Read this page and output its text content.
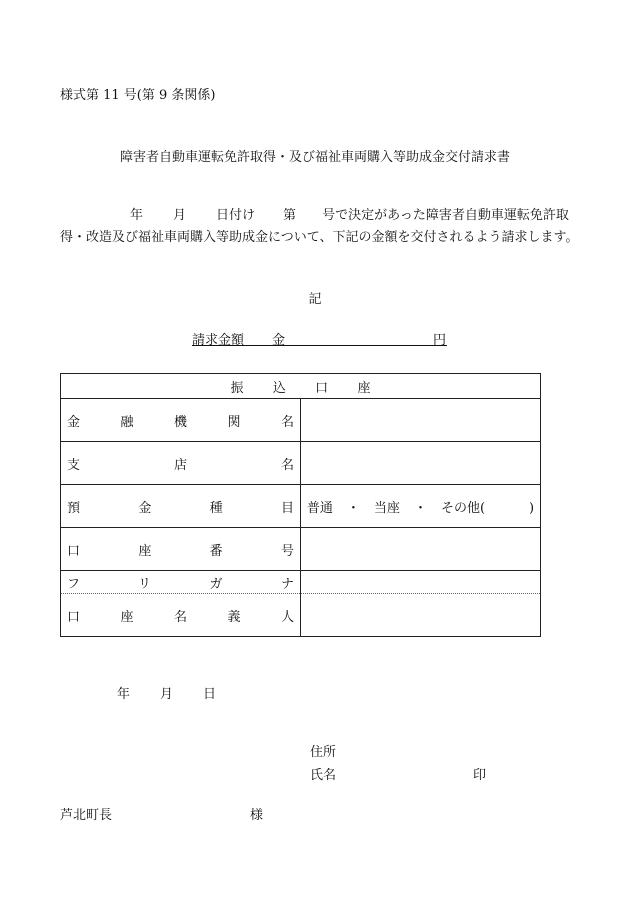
様式第 11 号(第 9 条関係)
障害者自動車運転免許取得・及び福祉車両購入等助成金交付請求書
年 月 日付け 第 号で決定があった障害者自動車運転免許取得・改造及び福祉車両購入等助成金について、下記の金額を交付されるよう請求します。
記
請求金額 金	円
振 込 口 座	

金融機関名	
支店名	
預金種目	普通 ・ 当座 ・ その他( )

口座番号	
フリガナ	
口座名義人	
年 月 日
住所
氏名	印
芦北町長	様
